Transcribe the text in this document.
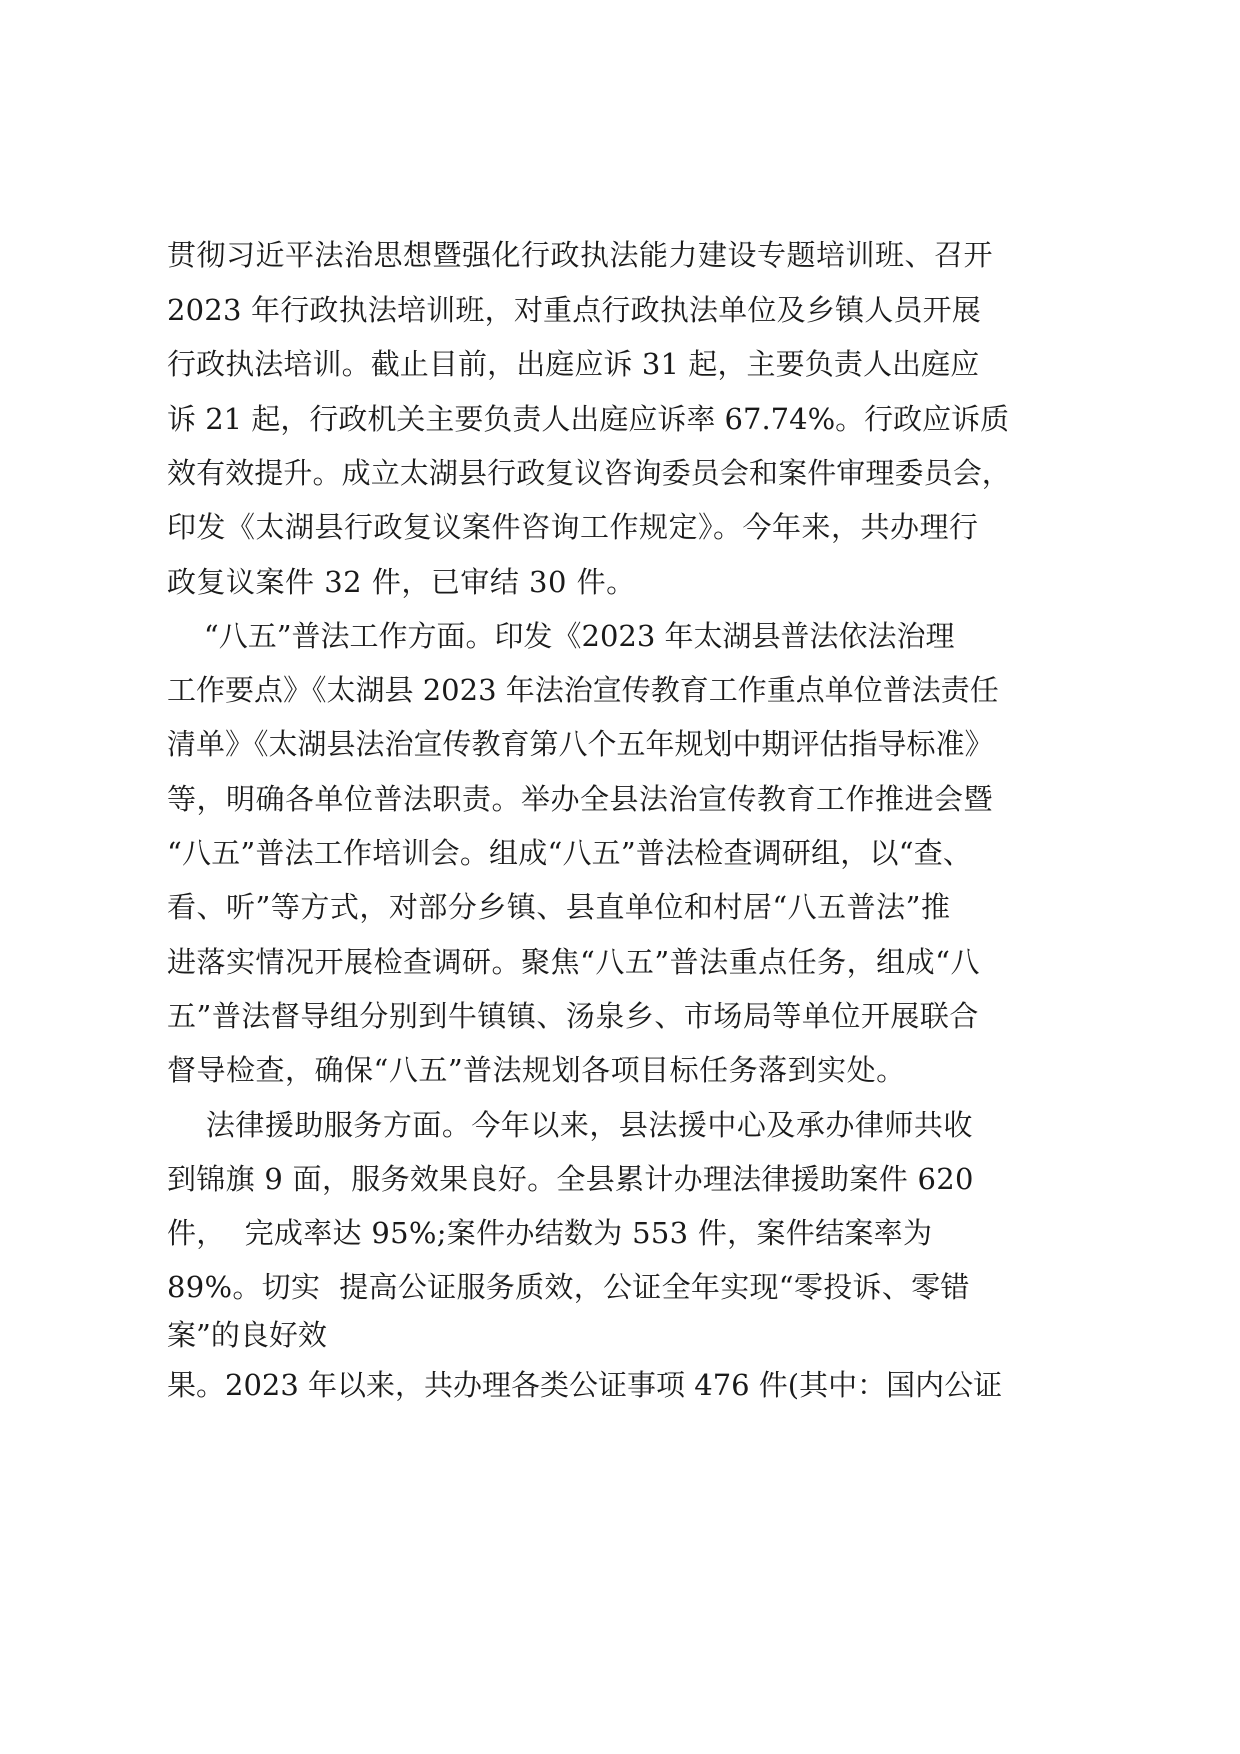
贯彻习近平法治思想暨强化行政执法能力建设专题培训班、召开
2023 年行政执法培训班，对重点行政执法单位及乡镇人员开展
行政执法培训。截止目前，出庭应诉 31 起，主要负责人出庭应
诉 21 起，行政机关主要负责人出庭应诉率 67.74%。行政应诉质
效有效提升。成立太湖县行政复议咨询委员会和案件审理委员会，
印发《太湖县行政复议案件咨询工作规定》。今年来，共办理行
政复议案件 32 件，已审结 30 件。
“八五”普法工作方面。印发《2023 年太湖县普法依法治理
工作要点》《太湖县 2023 年法治宣传教育工作重点单位普法责任
清单》《太湖县法治宣传教育第八个五年规划中期评估指导标准》
等，明确各单位普法职责。举办全县法治宣传教育工作推进会暨
“八五”普法工作培训会。组成“八五”普法检查调研组，以“查、
看、听”等方式，对部分乡镇、县直单位和村居“八五普法”推
进落实情况开展检查调研。聚焦“八五”普法重点任务，组成“八
五”普法督导组分别到牛镇镇、汤泉乡、市场局等单位开展联合
督导检查，确保“八五”普法规划各项目标任务落到实处。
法律援助服务方面。今年以来，县法援中心及承办律师共收
到锦旗 9 面，服务效果良好。全县累计办理法律援助案件 620
件，  完成率达 95%;案件办结数为 553 件，案件结案率为
89%。切实  提高公证服务质效，公证全年实现“零投诉、零错
案”的良好效
果。2023 年以来，共办理各类公证事项 476 件(其中：国内公证
